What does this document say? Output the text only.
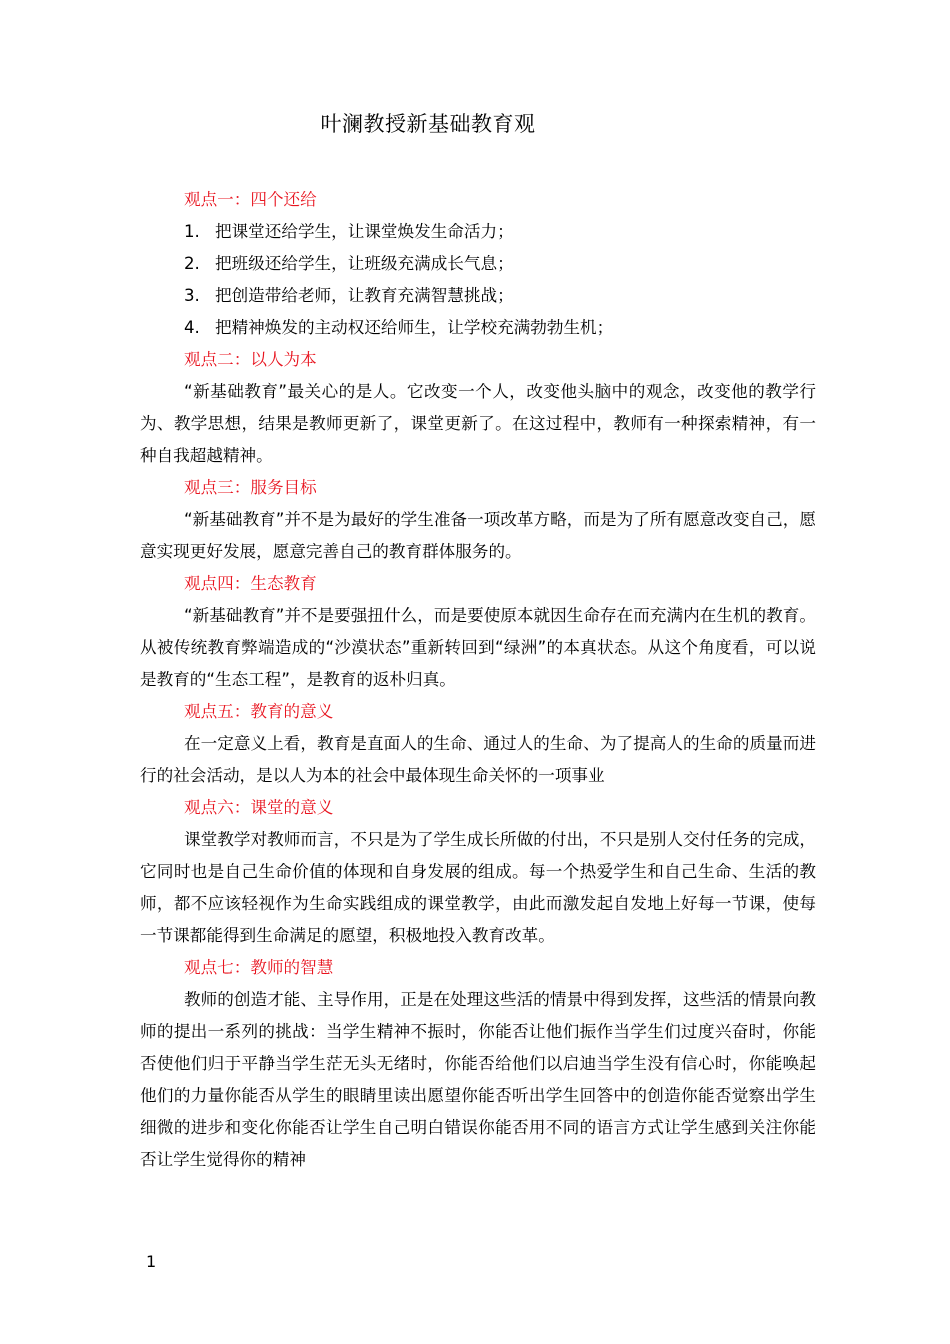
叶澜教授新基础教育观
观点一：四个还给
1. 把课堂还给学生，让课堂焕发生命活力；
2. 把班级还给学生，让班级充满成长气息；
3. 把创造带给老师，让教育充满智慧挑战；
4. 把精神焕发的主动权还给师生，让学校充满勃勃生机；
观点二：以人为本
“新基础教育”最关心的是人。它改变一个人，改变他头脑中的观念，改变他的教学行为、教学思想，结果是教师更新了，课堂更新了。在这过程中，教师有一种探索精神，有一种自我超越精神。
观点三：服务目标
“新基础教育”并不是为最好的学生准备一项改革方略，而是为了所有愿意改变自己，愿意实现更好发展，愿意完善自己的教育群体服务的。
观点四：生态教育
“新基础教育”并不是要强扭什么，而是要使原本就因生命存在而充满内在生机的教育。从被传统教育弊端造成的“沙漠状态”重新转回到“绿洲”的本真状态。从这个角度看，可以说是教育的“生态工程”，是教育的返朴归真。
观点五：教育的意义
在一定意义上看，教育是直面人的生命、通过人的生命、为了提高人的生命的质量而进行的社会活动，是以人为本的社会中最体现生命关怀的一项事业
观点六：课堂的意义
课堂教学对教师而言，不只是为了学生成长所做的付出，不只是别人交付任务的完成，它同时也是自己生命价值的体现和自身发展的组成。每一个热爱学生和自己生命、生活的教师，都不应该轻视作为生命实践组成的课堂教学，由此而激发起自发地上好每一节课，使每一节课都能得到生命满足的愿望，积极地投入教育改革。
观点七：教师的智慧
教师的创造才能、主导作用，正是在处理这些活的情景中得到发挥，这些活的情景向教师的提出一系列的挑战：当学生精神不振时，你能否让他们振作当学生们过度兴奋时，你能否使他们归于平静当学生茫无头无绪时，你能否给他们以启迪当学生没有信心时，你能唤起他们的力量你能否从学生的眼睛里读出愿望你能否听出学生回答中的创造你能否觉察出学生细微的进步和变化你能否让学生自己明白错误你能否用不同的语言方式让学生感到关注你能否让学生觉得你的精神
1
